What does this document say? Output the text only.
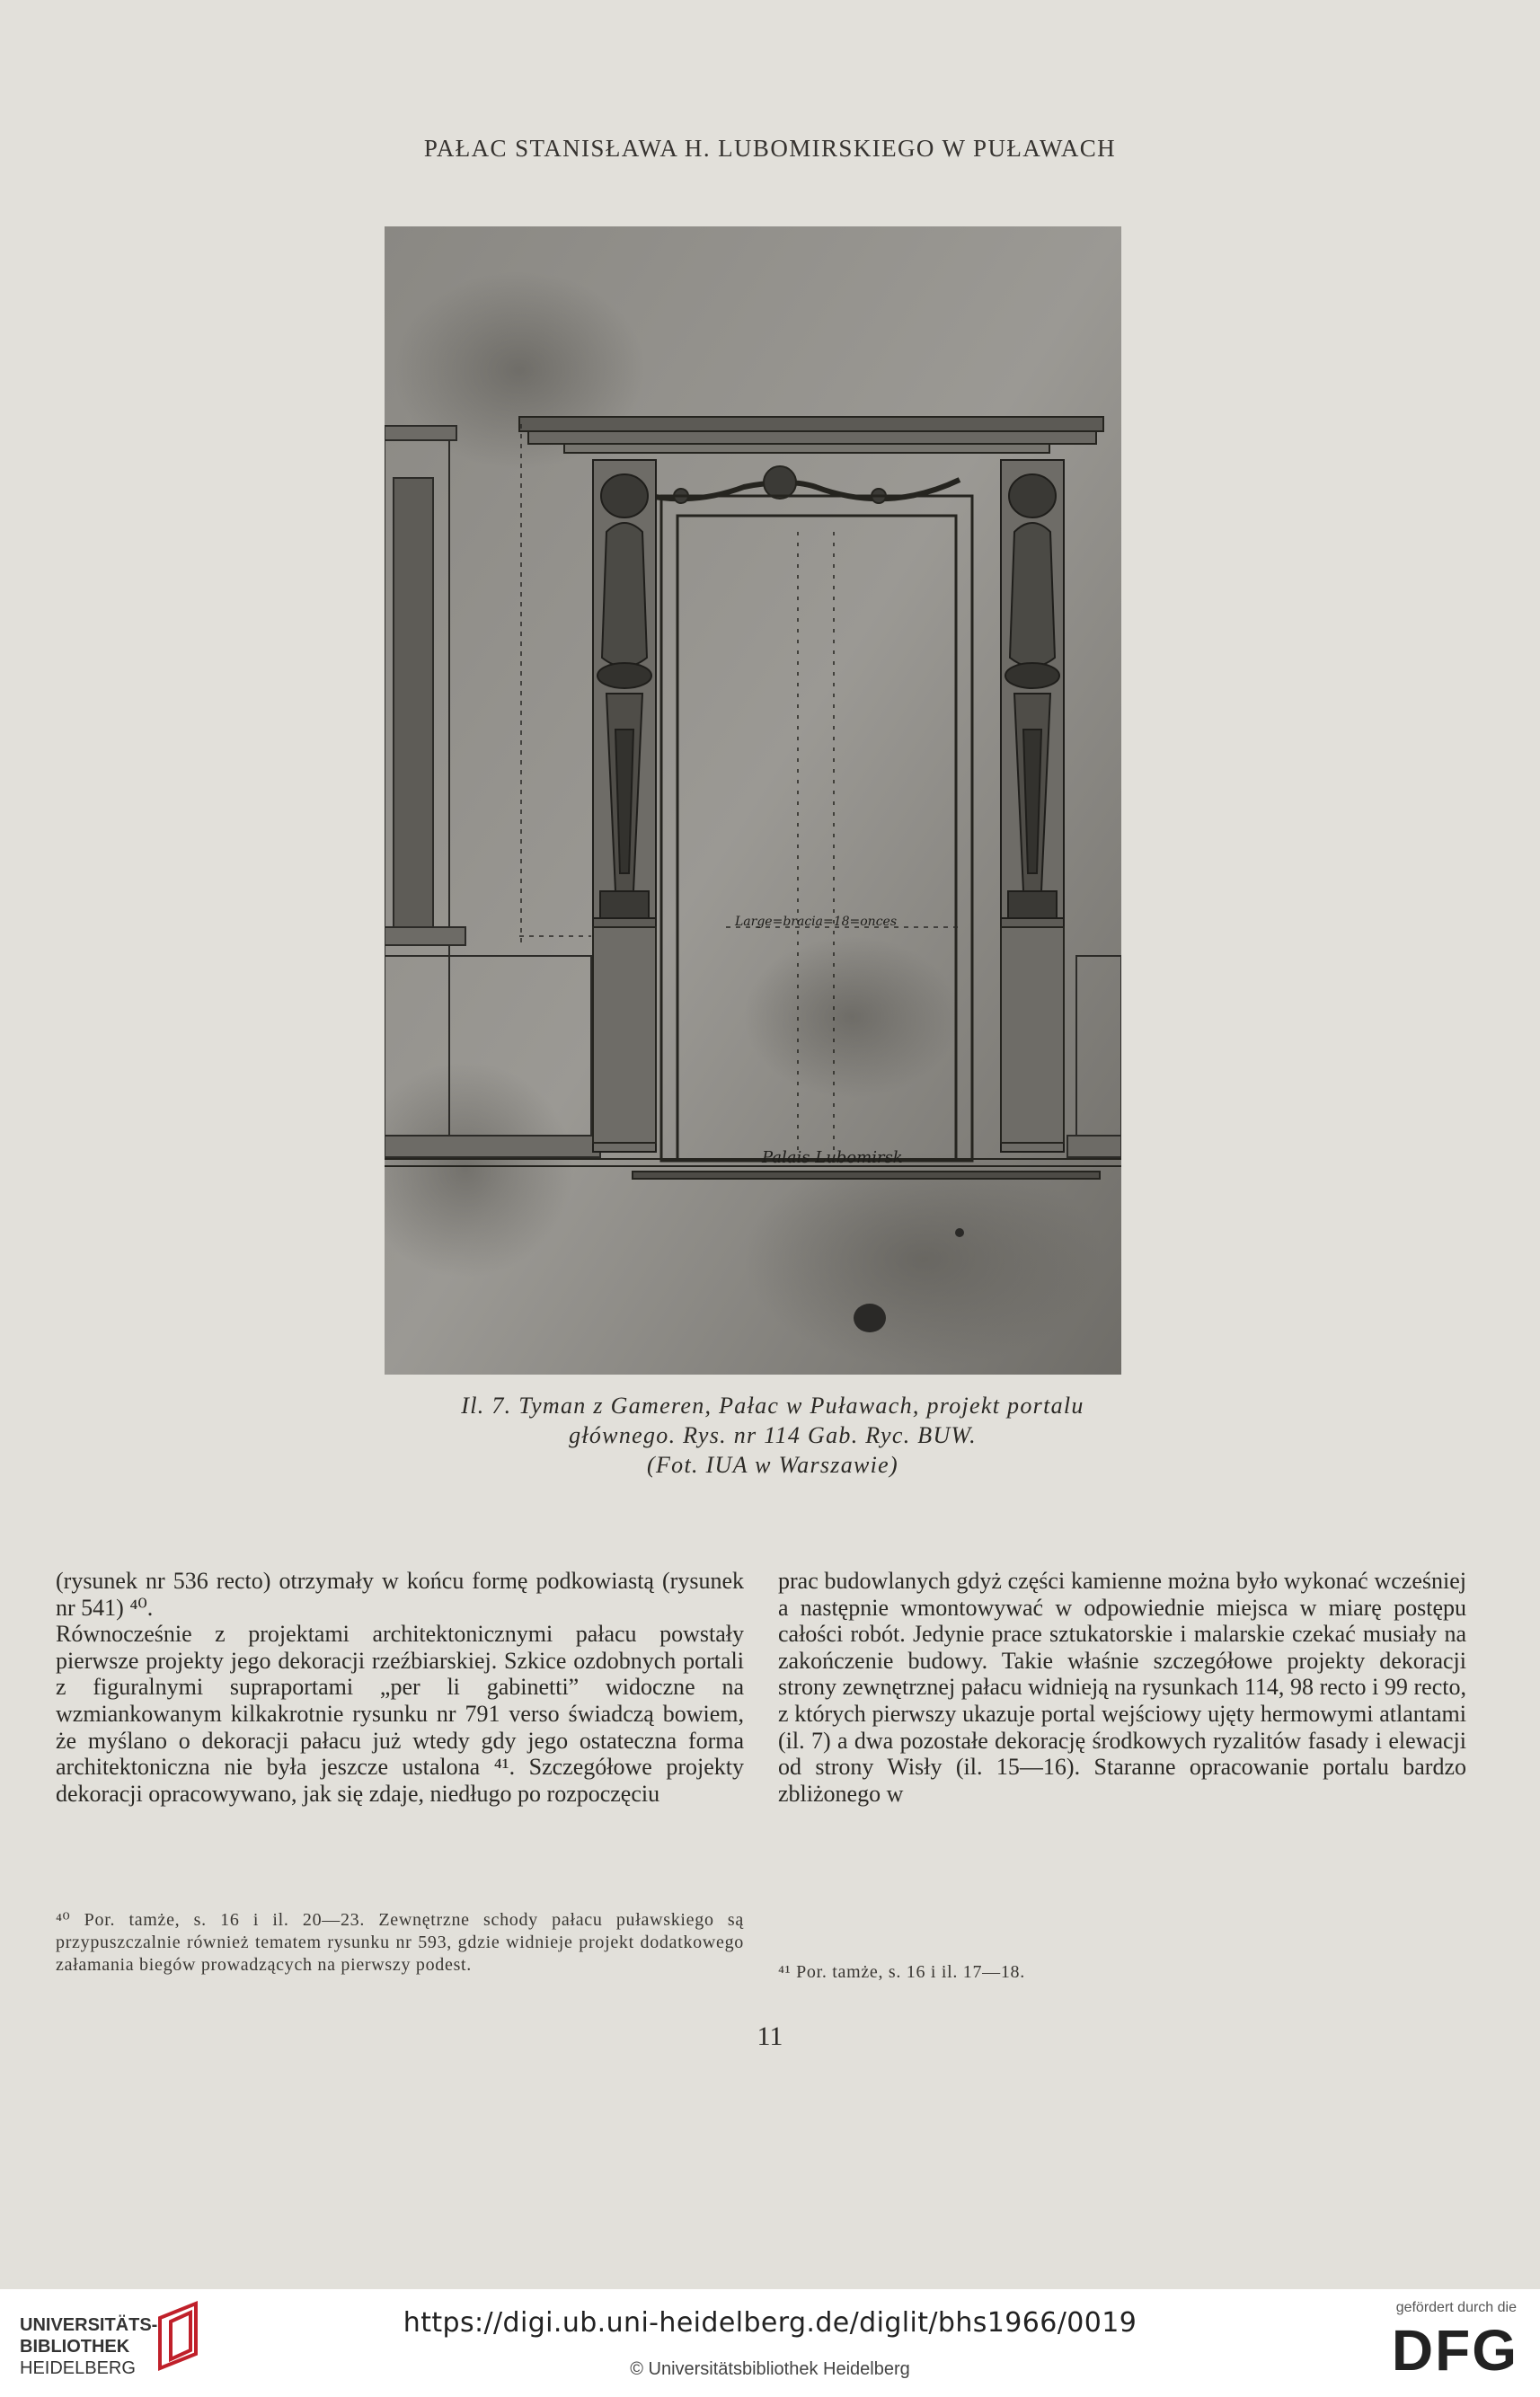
PAŁAC STANISŁAWA H. LUBOMIRSKIEGO W PUŁAWACH
Large=bracia=18=onces
Palais Lubomirsk
Il. 7. Tyman z Gameren, Pałac w Puławach, projekt portalu
głównego. Rys. nr 114 Gab. Ryc. BUW.
(Fot. IUA w Warszawie)

(rysunek nr 536 recto) otrzymały w końcu formę podkowiastą (rysunek nr 541) ⁴⁰.

Równocześnie z projektami architektonicznymi pałacu powstały pierwsze projekty jego dekoracji rzeźbiarskiej. Szkice ozdobnych portali z figuralnymi supraportami „per li gabinetti” widoczne na wzmiankowanym kilkakrotnie rysunku nr 791 verso świadczą bowiem, że myślano o dekoracji pałacu już wtedy gdy jego ostateczna forma architektoniczna nie była jeszcze ustalona ⁴¹. Szczegółowe projekty dekoracji opracowywano, jak się zdaje, niedługo po rozpoczęciu

prac budowlanych gdyż części kamienne można było wykonać wcześniej a następnie wmontowywać w odpowiednie miejsca w miarę postępu całości robót. Jedynie prace sztukatorskie i malarskie czekać musiały na zakończenie budowy. Takie właśnie szczegółowe projekty dekoracji strony zewnętrznej pałacu widnieją na rysunkach 114, 98 recto i 99 recto, z których pierwszy ukazuje portal wejściowy ujęty hermowymi atlantami (il. 7) a dwa pozostałe dekorację środkowych ryzalitów fasady i elewacji od strony Wisły (il. 15—16). Staranne opracowanie portalu bardzo zbliżonego w

⁴⁰ Por. tamże, s. 16 i il. 20—23. Zewnętrzne schody pałacu puławskiego są przypuszczalnie również tematem rysunku nr 593, gdzie widnieje projekt dodatkowego załamania biegów prowadzących na pierwszy podest.	⁴¹ Por. tamże, s. 16 i il. 17—18.
11
UNIVERSITÄTS-
BIBLIOTHEK
HEIDELBERG
https://digi.ub.uni-heidelberg.de/diglit/bhs1966/0019
© Universitätsbibliothek Heidelberg
gefördert durch die
DFG
